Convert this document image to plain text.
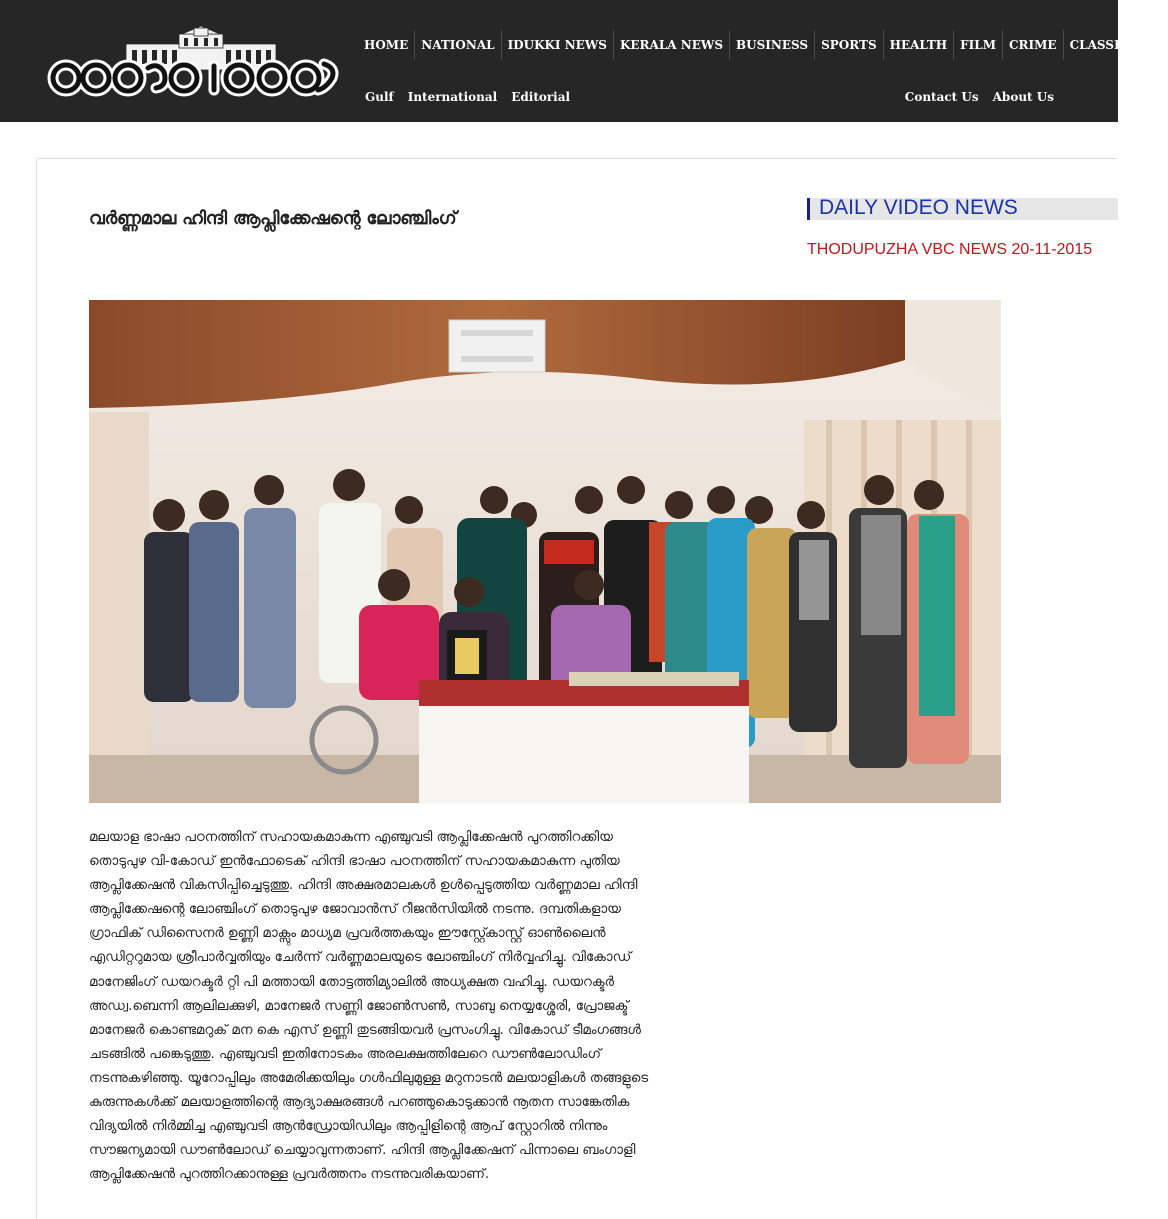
HOME	NATIONAL	IDUKKI NEWS	KERALA NEWS	BUSINESS	SPORTS	HEALTH	FILM	CRIME	CLASSIFIEDS
Gulf	International	Editorial	Contact Us	About Us
വർണ്ണമാല ഹിന്ദി ആപ്ലിക്കേഷന്റെ ലോഞ്ചിംഗ്	DAILY VIDEO NEWS
THODUPUZHA VBC NEWS 20-11-2015
മലയാള ഭാഷാ പഠനത്തിന് സഹായകമാകുന്ന എഞ്ചുവടി ആപ്ലിക്കേഷൻ പുറത്തിറക്കിയ
തൊടുപുഴ വി-കോഡ് ഇൻഫോടെക് ഹിന്ദി ഭാഷാ പഠനത്തിന് സഹായകമാകുന്ന പുതിയ
ആപ്ലിക്കേഷൻ വികസിപ്പിച്ചെടുത്തു. ഹിന്ദി അക്ഷരമാലകൾ ഉൾപ്പെടുത്തിയ വർണ്ണമാല ഹിന്ദി
ആപ്ലിക്കേഷന്റെ ലോഞ്ചിംഗ് തൊടുപുഴ ജോവാൻസ് റീജൻസിയിൽ നടന്നു. ദമ്പതികളായ
ഗ്രാഫിക് ഡിസൈനർ ഉണ്ണി മാക്സും മാധ്യമ പ്രവർത്തകയും ഈസ്റ്റ്കോസ്റ്റ് ഓൺലൈൻ
എഡിറ്ററുമായ ശ്രീപാർവ്വതിയും ചേർന്ന് വർണ്ണമാലയുടെ ലോഞ്ചിംഗ് നിർവ്വഹിച്ചു. വികോഡ്
മാനേജിംഗ് ഡയറക്ടർ റ്റി പി മത്തായി തോട്ടത്തിമ്യാലിൽ അധ്യക്ഷത വഹിച്ചു. ഡയറക്ടർ
അഡ്വ.ബെന്നി ആലിലക്കുഴി, മാനേജർ സണ്ണി ജോൺസൺ, സാബു നെയ്യശ്ശേരി, പ്രോജക്ട്
മാനേജർ കൊണ്ടമറുക് മന കെ എസ് ഉണ്ണി തുടങ്ങിയവർ പ്രസംഗിച്ചു. വികോഡ് ടീമംഗങ്ങൾ
ചടങ്ങിൽ പങ്കെടുത്തു. എഞ്ചുവടി ഇതിനോടകം അരലക്ഷത്തിലേറെ ഡൗൺലോഡിംഗ്
നടന്നുകഴിഞ്ഞു. യൂറോപ്പിലും അമേരിക്കയിലും ഗൾഫിലുമുള്ള മറുനാടൻ മലയാളികൾ തങ്ങളുടെ
കുരുന്നുകൾക്ക് മലയാളത്തിന്റെ ആദ്യാക്ഷരങ്ങൾ പറഞ്ഞുകൊടുക്കാൻ നൂതന സാങ്കേതിക
വിദ്യയിൽ നിർമ്മിച്ച എഞ്ചുവടി ആൻഡ്രോയിഡിലും ആപ്പിളിന്റെ ആപ് സ്റ്റോറിൽ നിന്നും
സൗജന്യമായി ഡൗൺലോഡ് ചെയ്യാവുന്നതാണ്. ഹിന്ദി ആപ്ലിക്കേഷന് പിന്നാലെ ബംഗാളി
ആപ്ലിക്കേഷൻ പുറത്തിറക്കാനുള്ള പ്രവർത്തനം നടന്നുവരികയാണ്.
